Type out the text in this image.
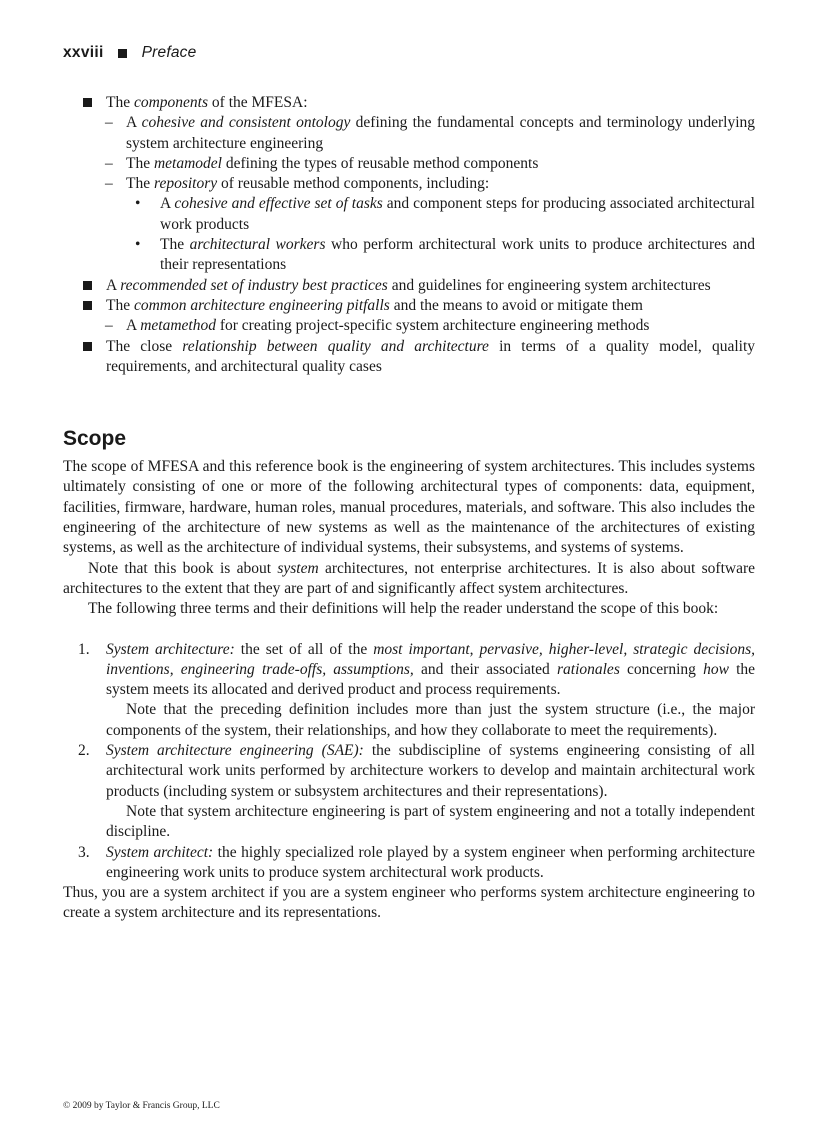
xxviii Preface
The components of the MFESA:
– A cohesive and consistent ontology defining the fundamental concepts and terminology underlying system architecture engineering
– The metamodel defining the types of reusable method components
– The repository of reusable method components, including:
• A cohesive and effective set of tasks and component steps for producing associated architectural work products
• The architectural workers who perform architectural work units to produce architectures and their representations
A recommended set of industry best practices and guidelines for engineering system architectures
The common architecture engineering pitfalls and the means to avoid or mitigate them
– A metamethod for creating project-specific system architecture engineering methods
The close relationship between quality and architecture in terms of a quality model, quality requirements, and architectural quality cases
Scope

The scope of MFESA and this reference book is the engineering of system architectures. This includes systems ultimately consisting of one or more of the following architectural types of components: data, equipment, facilities, firmware, hardware, human roles, manual procedures, materials, and software. This also includes the engineering of the architecture of new systems as well as the maintenance of the architectures of existing systems, as well as the architecture of individual systems, their subsystems, and systems of systems.

Note that this book is about system architectures, not enterprise architectures. It is also about software architectures to the extent that they are part of and significantly affect system architectures.

The following three terms and their definitions will help the reader understand the scope of this book:

1. System architecture: the set of all of the most important, pervasive, higher-level, strategic decisions, inventions, engineering trade-offs, assumptions, and their associated rationales concerning how the system meets its allocated and derived product and process requirements.

Note that the preceding definition includes more than just the system structure (i.e., the major components of the system, their relationships, and how they collaborate to meet the requirements).

2. System architecture engineering (SAE): the subdiscipline of systems engineering consisting of all architectural work units performed by architecture workers to develop and maintain architectural work products (including system or subsystem architectures and their representations).

Note that system architecture engineering is part of system engineering and not a totally independent discipline.

3. System architect: the highly specialized role played by a system engineer when performing architecture engineering work units to produce system architectural work products.

Thus, you are a system architect if you are a system engineer who performs system architecture engineering to create a system architecture and its representations.

© 2009 by Taylor & Francis Group, LLC
